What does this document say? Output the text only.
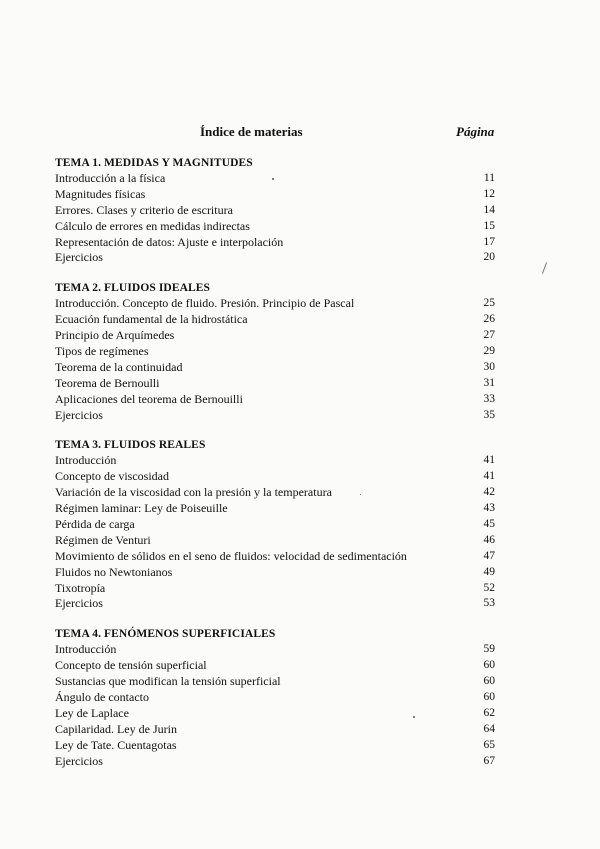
Índice de materias	Página
TEMA 1. MEDIDAS Y MAGNITUDES
Introducción a la física	11
Magnitudes físicas	12
Errores. Clases y criterio de escritura	14
Cálculo de errores en medidas indirectas	15
Representación de datos: Ajuste e interpolación	17
Ejercicios	20
TEMA 2. FLUIDOS IDEALES
Introducción. Concepto de fluido. Presión. Principio de Pascal	25
Ecuación fundamental de la hidrostática	26
Principio de Arquímedes	27
Tipos de regímenes	29
Teorema de la continuidad	30
Teorema de Bernoulli	31
Aplicaciones del teorema de Bernouilli	33
Ejercicios	35
TEMA 3. FLUIDOS REALES
Introducción	41
Concepto de viscosidad	41
Variación de la viscosidad con la presión y la temperatura	42
Régimen laminar: Ley de Poiseuille	43
Pérdida de carga	45
Régimen de Venturi	46
Movimiento de sólidos en el seno de fluidos: velocidad de sedimentación	47
Fluidos no Newtonianos	49
Tixotropía	52
Ejercicios	53
TEMA 4. FENÓMENOS SUPERFICIALES
Introducción	59
Concepto de tensión superficial	60
Sustancias que modifican la tensión superficial	60
Ángulo de contacto	60
Ley de Laplace	62
Capilaridad. Ley de Jurin	64
Ley de Tate. Cuentagotas	65
Ejercicios	67
